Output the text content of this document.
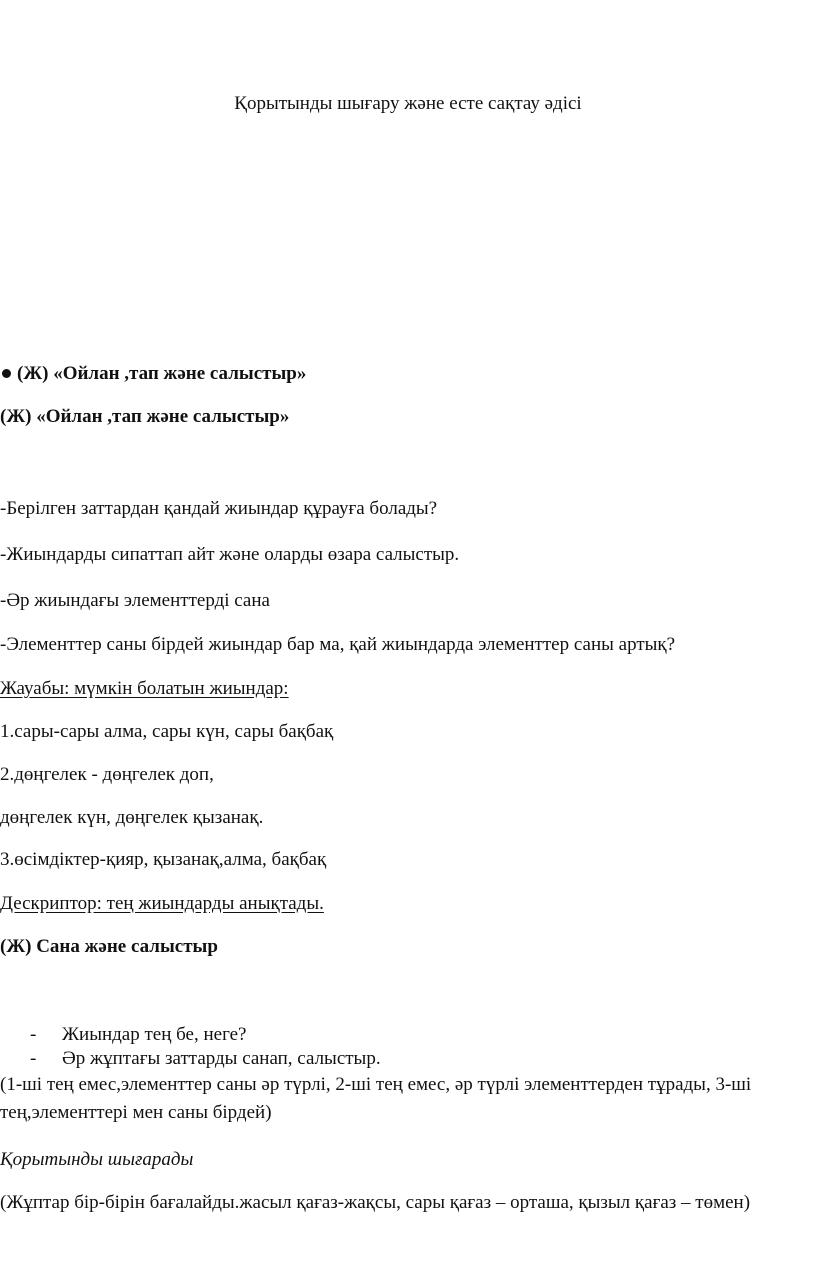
Қорытынды шығару және есте сақтау әдісі
(Ж) «Ойлан ,тап және салыстыр»
(Ж) «Ойлан ,тап және салыстыр»
-Берілген заттардан қандай жиындар құрауға болады?
-Жиындарды сипаттап айт және оларды өзара салыстыр.
-Әр жиындағы элементтерді сана
-Элементтер саны бірдей жиындар бар ма, қай жиындарда элементтер саны артық?
Жауабы: мүмкін болатын жиындар:
1.сары-сары алма, сары күн, сары бақбақ
2.дөңгелек - дөңгелек доп,
дөңгелек күн, дөңгелек қызанақ.
3.өсімдіктер-қияр, қызанақ,алма, бақбақ
Дескриптор: тең жиындарды анықтады.
(Ж) Сана және салыстыр
- Жиындар тең бе, неге?
- Әр жұптағы заттарды санап, салыстыр.
(1-ші тең емес,элементтер саны әр түрлі, 2-ші тең емес, әр түрлі элементтерден тұрады, 3-ші тең,элементтері мен саны бірдей)
Қорытынды шығарады
(Жұптар бір-бірін бағалайды.жасыл қағаз-жақсы, сары қағаз – орташа, қызыл қағаз – төмен)
